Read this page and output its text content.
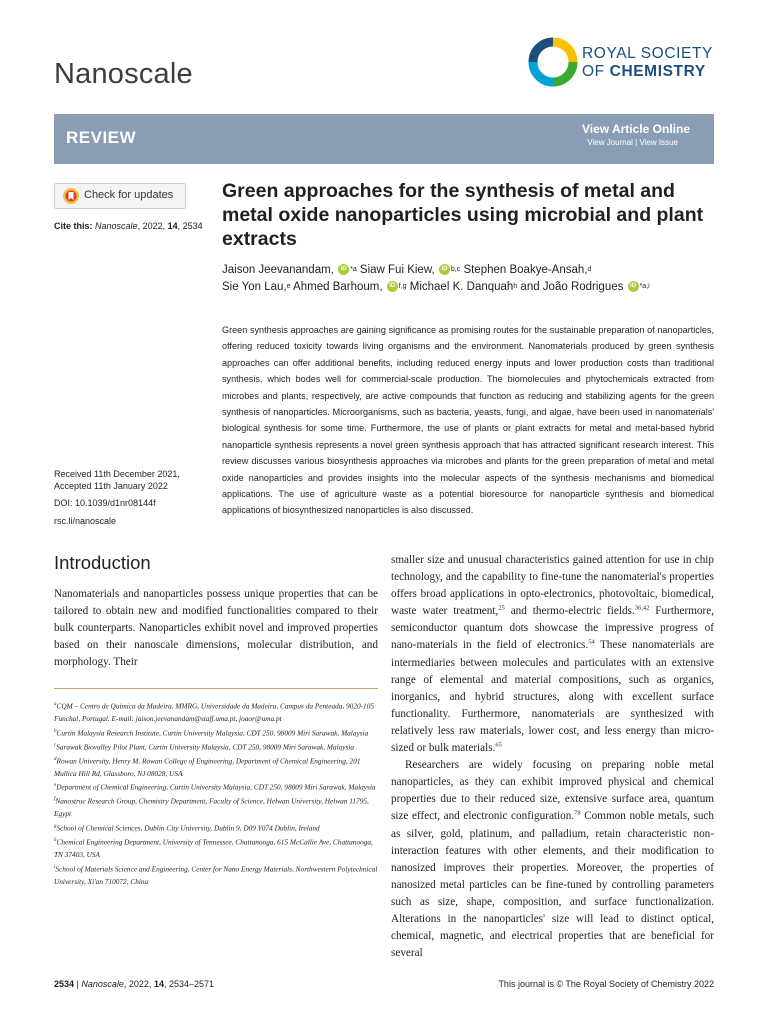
Nanoscale
ROYAL SOCIETY
OF CHEMISTRY
REVIEW	View Article Online
View Journal | View Issue
Check for updates
Cite this: Nanoscale, 2022, 14, 2534
Received 11th December 2021,
Accepted 11th January 2022
DOI: 10.1039/d1nr08144f
rsc.li/nanoscale
Green approaches for the synthesis of metal and metal oxide nanoparticles using microbial and plant extracts
Jaison Jeevanandam, iD $^{*a}$ Siaw Fui Kiew, iD $^{b,c}$ Stephen Boakye-Ansah,$^d$
Sie Yon Lau,$^e$ Ahmed Barhoum, iD $^{f,g}$ Michael K. Danquah$^h$ and João Rodrigues iD $^{*a,i}$
Green synthesis approaches are gaining significance as promising routes for the sustainable preparation of nanoparticles, offering reduced toxicity towards living organisms and the environment. Nanomaterials produced by green synthesis approaches can offer additional benefits, including reduced energy inputs and lower production costs than traditional synthesis, which bodes well for commercial-scale production. The biomolecules and phytochemicals extracted from microbes and plants, respectively, are active compounds that function as reducing and stabilizing agents for the green synthesis of nanoparticles. Microorganisms, such as bacteria, yeasts, fungi, and algae, have been used in nanomaterials' biological synthesis for some time. Furthermore, the use of plants or plant extracts for metal and metal-based hybrid nanoparticle synthesis represents a novel green synthesis approach that has attracted significant research interest. This review discusses various biosynthesis approaches via microbes and plants for the green preparation of metal and metal oxide nanoparticles and provides insights into the molecular aspects of the synthesis mechanisms and biomedical applications. The use of agriculture waste as a potential bioresource for nanoparticle synthesis and biomedical applications of biosynthesized nanoparticles is also discussed.
Introduction
Nanomaterials and nanoparticles possess unique properties that can be tailored to obtain new and modified functionalities compared to their bulk counterparts. Nanoparticles exhibit novel and improved properties based on their nanoscale dimensions, molecular distribution, and morphology. Their

$^a$CQM – Centro de Química da Madeira, MMRG, Universidade da Madeira, Campus da Penteada, 9020-105 Funchal, Portugal. E-mail: jaison.jeevanandam@staff.uma.pt, joaor@uma.pt

$^b$Curtin Malaysia Research Institute, Curtin University Malaysia, CDT 250, 98009 Miri Sarawak, Malaysia

$^c$Sarawak Biovalley Pilot Plant, Curtin University Malaysia, CDT 250, 98009 Miri Sarawak, Malaysia

$^d$Rowan University, Henry M. Rowan College of Engineering, Department of Chemical Engineering, 201 Mullica Hill Rd, Glassboro, NJ 08028, USA

$^e$Department of Chemical Engineering, Curtin University Malaysia, CDT 250, 98009 Miri Sarawak, Malaysia

$^f$Nanostruc Research Group, Chemistry Department, Faculty of Science, Helwan University, Helwan 11795, Egypt

$^g$School of Chemical Sciences, Dublin City University, Dublin 9, D09 Y074 Dublin, Ireland

$^h$Chemical Engineering Department, University of Tennessee, Chattanooga, 615 McCallie Ave, Chattanooga, TN 37403, USA

$^i$School of Materials Science and Engineering, Center for Nano Energy Materials, Northwestern Polytechnical University, Xi'an 710072, China

smaller size and unusual characteristics gained attention for use in chip technology, and the capability to fine-tune the nanomaterial's properties offers broad applications in opto-electronics, photovoltaic, biomedical, waste water treatment,$^{25}$ and thermo-electric fields.$^{36,42}$ Furthermore, semiconductor quantum dots showcase the impressive progress of nano-materials in the field of electronics.$^{54}$ These nanomaterials are intermediaries between molecules and particulates with an extensive range of elemental and material compositions, such as organics, inorganics, and hybrid structures, along with excellent surface functionality. Furthermore, nanomaterials are synthesized with relatively less raw materials, lower cost, and less energy than micro-sized or bulk materials.$^{65}$

Researchers are widely focusing on preparing noble metal nanoparticles, as they can exhibit improved physical and chemical properties due to their reduced size, extensive surface area, quantum size effect, and electronic configuration.$^{78}$ Common noble metals, such as silver, gold, platinum, and palladium, retain characteristic non-interaction features with other elements, and their modification to nanosized improves their properties. Moreover, the properties of nanosized metal particles can be fine-tuned by controlling parameters such as size, shape, composition, and surface functionalization. Alterations in the nanoparticles' size will lead to distinct optical, chemical, magnetic, and electrical properties that are beneficial for several

2534 | Nanoscale, 2022, 14, 2534–2571	This journal is © The Royal Society of Chemistry 2022
